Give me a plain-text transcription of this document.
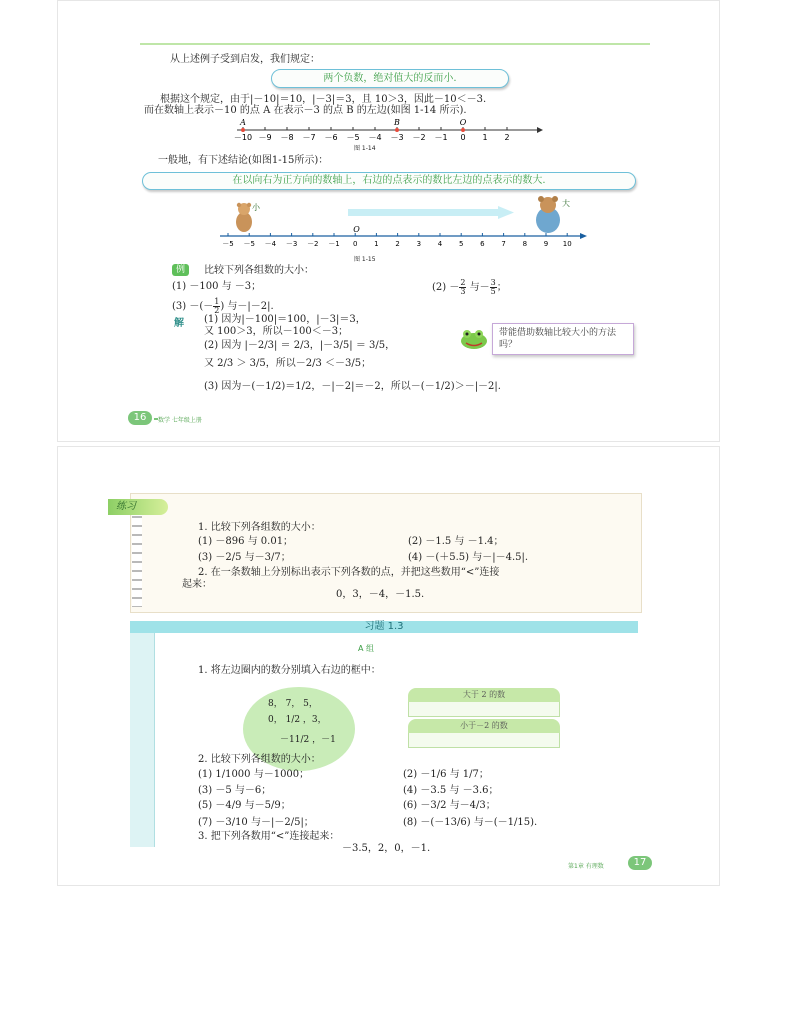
从上述例子受到启发，我们规定：
两个负数，绝对值大的反而小.
根据这个规定，由于|－10|＝10，|－3|＝3，且 10＞3，因此－10＜－3.
而在数轴上表示－10 的点 A 在表示－3 的点 B 的左边(如图 1-14 所示).
－10 －9 －8 －7 －6 －5 －4 －3 －2 －1 0 1 2
A	B	O
图 1-14
一般地，有下述结论(如图1-15所示)：
在以向右为正方向的数轴上，右边的点表示的数比左边的点表示的数大.
－5 －5 －4 －3 －2 －1 0 1 2 3 4 5 6 7 8 9 10
O
小	大
图 1-15
例	比较下列各组数的大小：
(1) －100 与 －3；	$(2) - \frac{2}{3}$ 与－ $\frac{3}{5}$ ；
(3) －(－ $\frac{1}{2}$ ) 与－|－2|.
解 (1) 因为|－100|＝100，|－3|＝3，
又 100＞3，所以－100＜－3；
(2) 因为 |－2/3| ＝ 2/3，|－3/5| ＝ 3/5，
又 2/3 ＞ 3/5，所以－2/3 ＜－3/5；
(3) 因为－(－1/2)＝1/2，－|－2|＝－2，所以－(－1/2)＞－|－2|.
带能借助数轴比较大小的方法吗？
16	数学 七年级上册
练习
1. 比较下列各组数的大小：
(1) －896 与 0.01；	(2) －1.5 与 －1.4；
(3) －2/5 与－3/7；	(4) －(＋5.5) 与－|－4.5|.
2. 在一条数轴上分别标出表示下列各数的点，并把这些数用“<”连接
起来：
0，3，－4，－1.5.
习题 1.3
A 组
1. 将左边圈内的数分别填入右边的框中：
8， 7， 5，
0， 1/2 ，3，
－11/2 ，－1
大于 2 的数
小于－2 的数
2. 比较下列各组数的大小：
(1) 1/1000 与－1000；	(2) －1/6 与 1/7；
(3) －5 与－6；	(4) －3.5 与 －3.6；
(5) －4/9 与－5/9；	(6) －3/2 与－4/3；
(7) －3/10 与－|－2/5|；	(8) －(－13/6) 与－(－1/15).
3. 把下列各数用“<”连接起来：
－3.5，2，0，－1.
第1章 有理数	17
